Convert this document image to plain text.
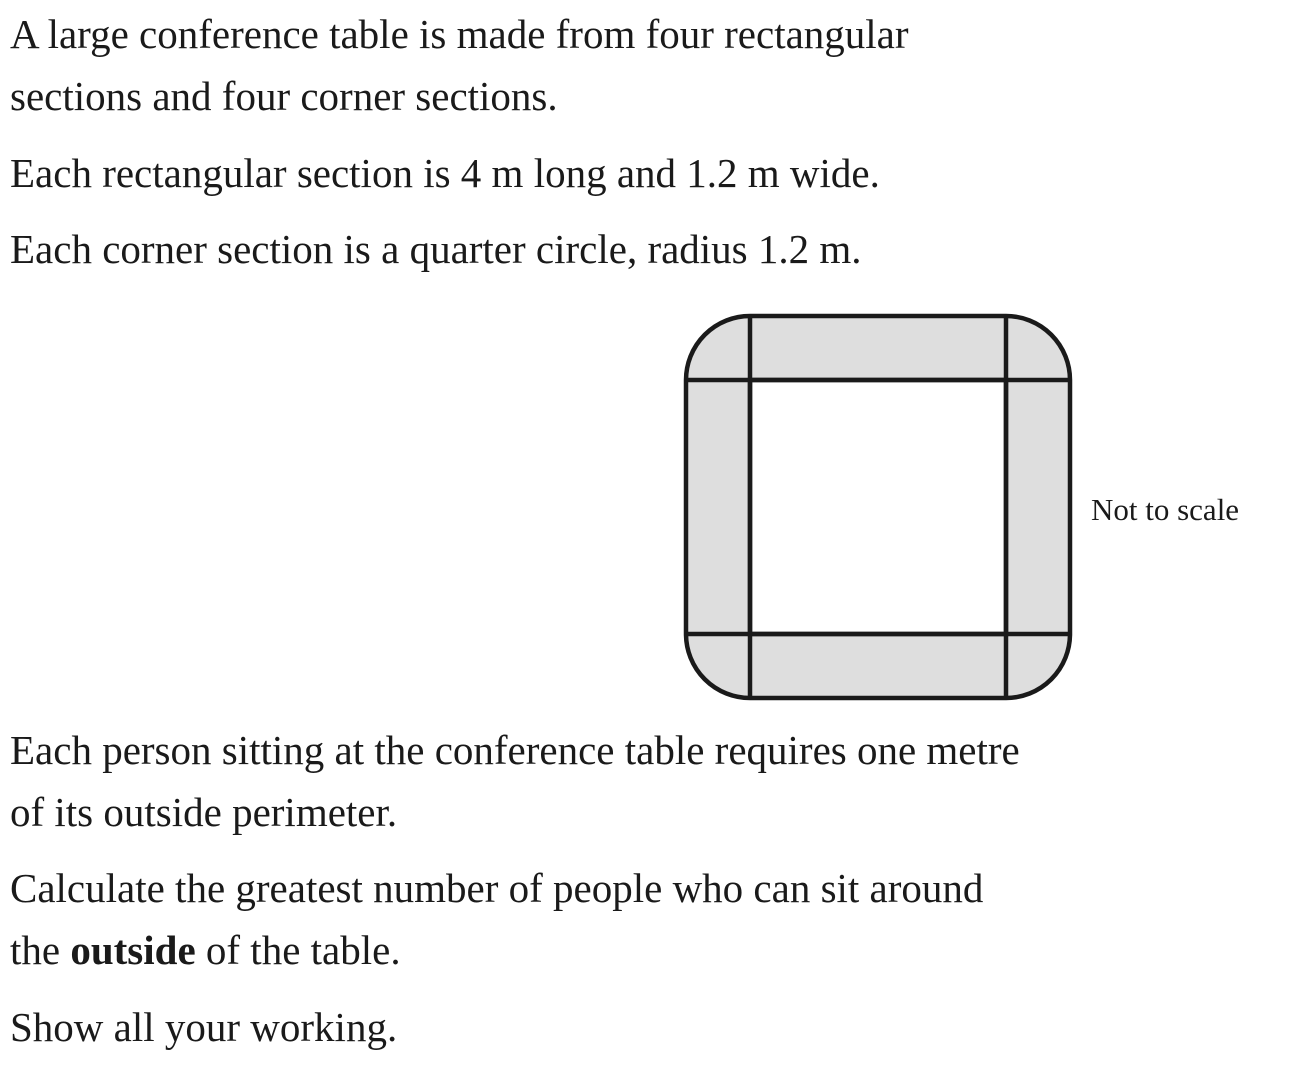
A large conference table is made from four rectangular
sections and four corner sections.

Each rectangular section is 4 m long and 1.2 m wide.

Each corner section is a quarter circle, radius 1.2 m.

Not to scale

Each person sitting at the conference table requires one metre
of its outside perimeter.

Calculate the greatest number of people who can sit around
the outside of the table.

Show all your working.
